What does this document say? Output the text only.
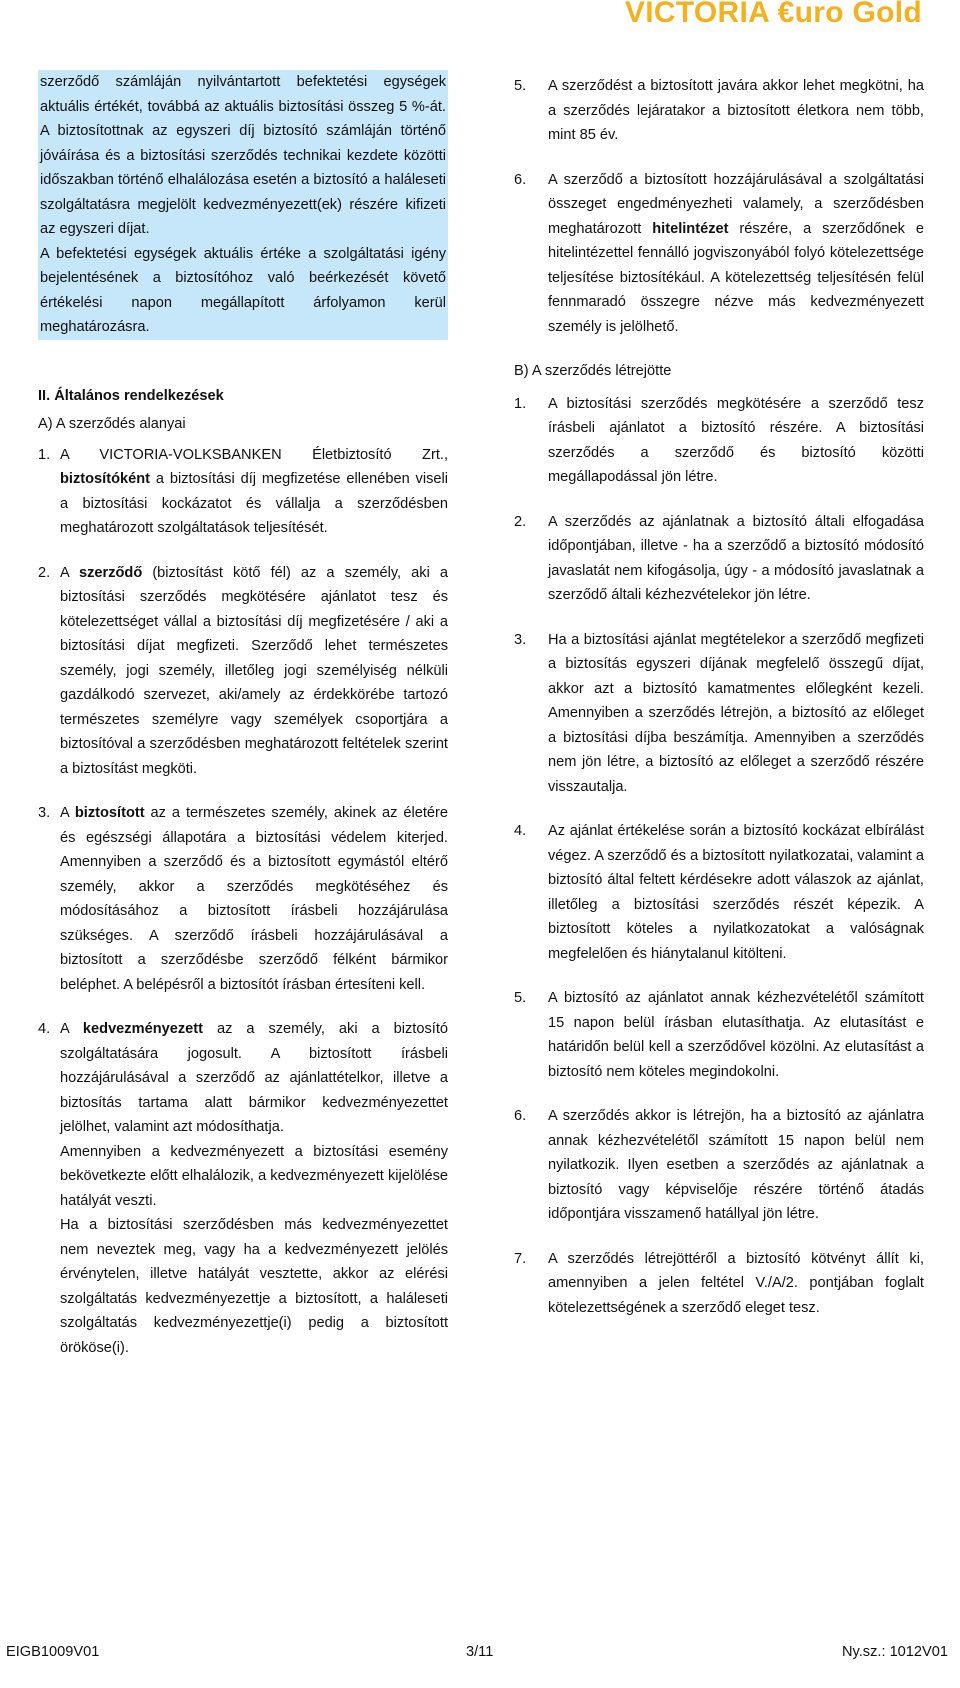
VICTORIA €uro Gold

szerződő számláján nyilvántartott befektetési egységek aktuális értékét, továbbá az aktuális biztosítási összeg 5 %-át. A biztosítottnak az egyszeri díj biztosító számláján történő jóváírása és a biztosítási szerződés technikai kezdete közötti időszakban történő elhalálozása esetén a biztosító a haláleseti szolgáltatásra megjelölt kedvezményezett(ek) részére kifizeti az egyszeri díjat.

A befektetési egységek aktuális értéke a szolgáltatási igény bejelentésének a biztosítóhoz való beérkezését követő értékelési napon megállapított árfolyamon kerül meghatározásra.

II. Általános rendelkezések

A) A szerződés alanyai

1. A VICTORIA-VOLKSBANKEN Életbiztosító Zrt., biztosítóként a biztosítási díj megfizetése ellenében viseli a biztosítási kockázatot és vállalja a szerződésben meghatározott szolgáltatások teljesítését.
2. A szerződő (biztosítást kötő fél) az a személy, aki a biztosítási szerződés megkötésére ajánlatot tesz és kötelezettséget vállal a biztosítási díj megfizetésére / aki a biztosítási díjat megfizeti. Szerződő lehet természetes személy, jogi személy, illetőleg jogi személyiség nélküli gazdálkodó szervezet, aki/amely az érdekkörébe tartozó természetes személyre vagy személyek csoportjára a biztosítóval a szerződésben meghatározott feltételek szerint a biztosítást megköti.
3. A biztosított az a természetes személy, akinek az életére és egészségi állapotára a biztosítási védelem kiterjed. Amennyiben a szerződő és a biztosított egymástól eltérő személy, akkor a szerződés megkötéséhez és módosításához a biztosított írásbeli hozzájárulása szükséges. A szerződő írásbeli hozzájárulásával a biztosított a szerződésbe szerződő félként bármikor beléphet. A belépésről a biztosítót írásban értesíteni kell.
4. A kedvezményezett az a személy, aki a biztosító szolgáltatására jogosult. A biztosított írásbeli hozzájárulásával a szerződő az ajánlattételkor, illetve a biztosítás tartama alatt bármikor kedvezményezettet jelölhet, valamint azt módosíthatja.

Amennyiben a kedvezményezett a biztosítási esemény bekövetkezte előtt elhalálozik, a kedvezményezett kijelölése hatályát veszti.

Ha a biztosítási szerződésben más kedvezményezettet nem neveztek meg, vagy ha a kedvezményezett jelölés érvénytelen, illetve hatályát vesztette, akkor az elérési szolgáltatás kedvezményezettje a biztosított, a haláleseti szolgáltatás kedvezményezettje(i) pedig a biztosított örököse(i).

5.	A szerződést a biztosított javára akkor lehet megkötni, ha a szerződés lejáratakor a biztosított életkora nem több, mint 85 év.
6.	A szerződő a biztosított hozzájárulásával a szolgáltatási összeget engedményezheti valamely, a szerződésben meghatározott hitelintézet részére, a szerződőnek e hitelintézettel fennálló jogviszonyából folyó kötelezettsége teljesítése biztosítékául. A kötelezettség teljesítésén felül fennmaradó összegre nézve más kedvezményezett személy is jelölhető.

B) A szerződés létrejötte

1.	A biztosítási szerződés megkötésére a szerződő tesz írásbeli ajánlatot a biztosító részére. A biztosítási szerződés a szerződő és biztosító közötti megállapodással jön létre.
2.	A szerződés az ajánlatnak a biztosító általi elfogadása időpontjában, illetve - ha a szerződő a biztosító módosító javaslatát nem kifogásolja, úgy - a módosító javaslatnak a szerződő általi kézhezvételekor jön létre.
3.	Ha a biztosítási ajánlat megtételekor a szerződő megfizeti a biztosítás egyszeri díjának megfelelő összegű díjat, akkor azt a biztosító kamatmentes előlegként kezeli. Amennyiben a szerződés létrejön, a biztosító az előleget a biztosítási díjba beszámítja. Amennyiben a szerződés nem jön létre, a biztosító az előleget a szerződő részére visszautalja.
4.	Az ajánlat értékelése során a biztosító kockázat elbírálást végez. A szerződő és a biztosított nyilatkozatai, valamint a biztosító által feltett kérdésekre adott válaszok az ajánlat, illetőleg a biztosítási szerződés részét képezik. A biztosított köteles a nyilatkozatokat a valóságnak megfelelően és hiánytalanul kitölteni.
5.	A biztosító az ajánlatot annak kézhezvételétől számított 15 napon belül írásban elutasíthatja. Az elutasítást e határidőn belül kell a szerződővel közölni. Az elutasítást a biztosító nem köteles megindokolni.
6.	A szerződés akkor is létrejön, ha a biztosító az ajánlatra annak kézhezvételétől számított 15 napon belül nem nyilatkozik. Ilyen esetben a szerződés az ajánlatnak a biztosító vagy képviselője részére történő átadás időpontjára visszamenő hatállyal jön létre.
7.	A szerződés létrejöttéről a biztosító kötvényt állít ki, amennyiben a jelen feltétel V./A/2. pontjában foglalt kötelezettségének a szerződő eleget tesz.
EIGB1009V01	3/11	Ny.sz.: 1012V01
